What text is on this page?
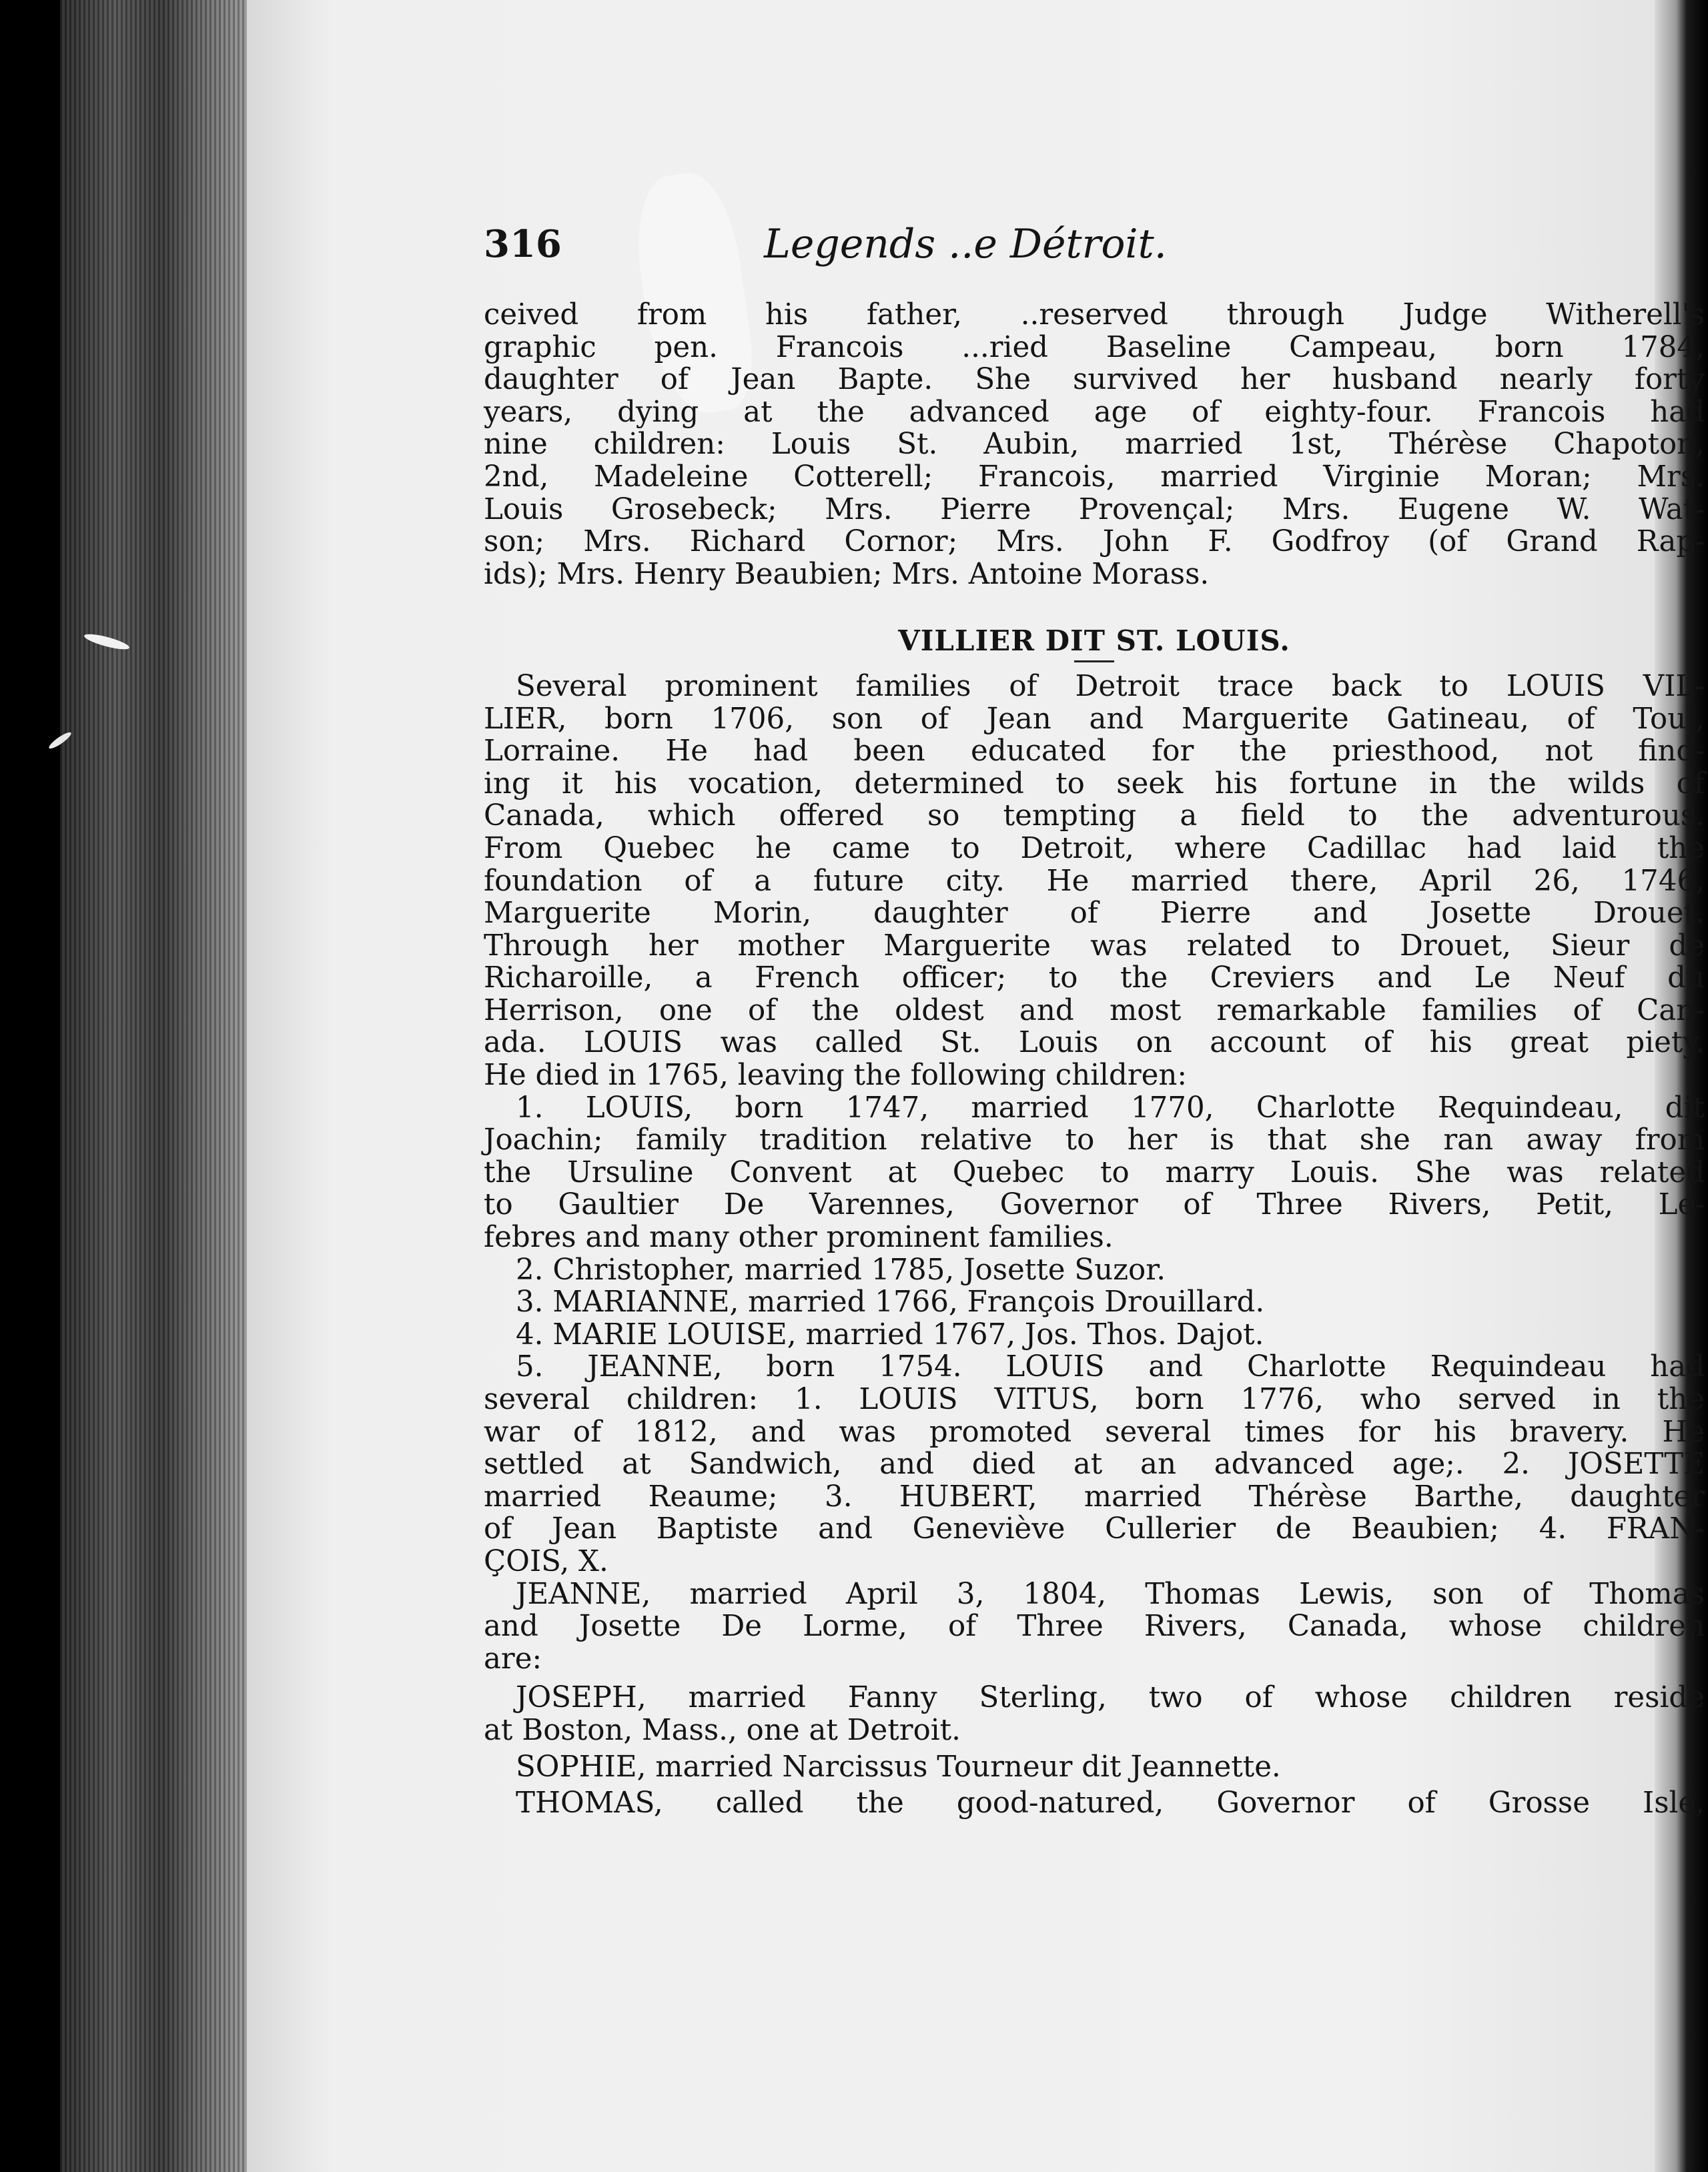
316	Legends ..e Détroit.
ceived from his father, ..reserved through Judge Witherell's
graphic pen. Francois ...ried Baseline Campeau, born 1784,
daughter of Jean Bapte. She survived her husband nearly forty
years, dying at the advanced age of eighty-four. Francois had
nine children: Louis St. Aubin, married 1st, Thérèse Chapoton,
2nd, Madeleine Cotterell; Francois, married Virginie Moran; Mrs.
Louis Grosebeck; Mrs. Pierre Provençal; Mrs. Eugene W. Wat-
son; Mrs. Richard Cornor; Mrs. John F. Godfroy (of Grand Rap-
ids); Mrs. Henry Beaubien; Mrs. Antoine Morass.
VILLIER DIT ST. LOUIS.
Several prominent families of Detroit trace back to LOUIS VIL-
LIER, born 1706, son of Jean and Marguerite Gatineau, of Toul,
Lorraine. He had been educated for the priesthood, not find-
ing it his vocation, determined to seek his fortune in the wilds of
Canada, which offered so tempting a field to the adventurous.
From Quebec he came to Detroit, where Cadillac had laid the
foundation of a future city. He married there, April 26, 1746,
Marguerite Morin, daughter of Pierre and Josette Drouet.
Through her mother Marguerite was related to Drouet, Sieur de
Richaroille, a French officer; to the Creviers and Le Neuf du
Herrison, one of the oldest and most remarkable families of Can-
ada. LOUIS was called St. Louis on account of his great piety.
He died in 1765, leaving the following children:
1. LOUIS, born 1747, married 1770, Charlotte Requindeau, dit
Joachin; family tradition relative to her is that she ran away from
the Ursuline Convent at Quebec to marry Louis. She was related
to Gaultier De Varennes, Governor of Three Rivers, Petit, Le-
febres and many other prominent families.
2. Christopher, married 1785, Josette Suzor.
3. MARIANNE, married 1766, François Drouillard.
4. MARIE LOUISE, married 1767, Jos. Thos. Dajot.
5. JEANNE, born 1754. LOUIS and Charlotte Requindeau had
several children: 1. LOUIS VITUS, born 1776, who served in the
war of 1812, and was promoted several times for his bravery. He
settled at Sandwich, and died at an advanced age;. 2. JOSETTE
married Reaume; 3. HUBERT, married Thérèse Barthe, daughter
of Jean Baptiste and Geneviève Cullerier de Beaubien; 4. FRAN-
ÇOIS, X.
JEANNE, married April 3, 1804, Thomas Lewis, son of Thomas
and Josette De Lorme, of Three Rivers, Canada, whose children
are:
JOSEPH, married Fanny Sterling, two of whose children reside
at Boston, Mass., one at Detroit.
SOPHIE, married Narcissus Tourneur dit Jeannette.
THOMAS, called the good-natured, Governor of Grosse Isle,
